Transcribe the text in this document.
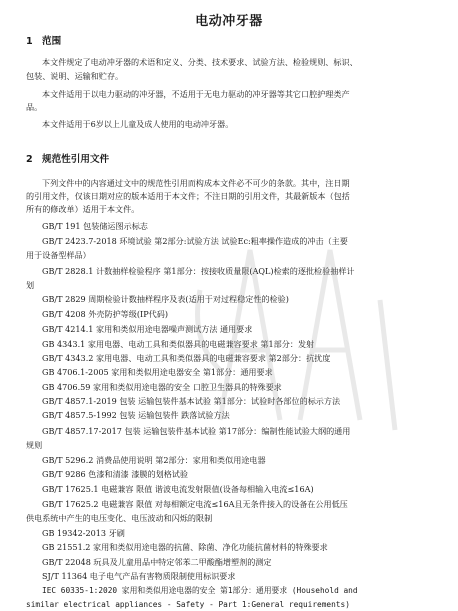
电动冲牙器
1 范围
本文件规定了电动冲牙器的术语和定义、分类、技术要求、试验方法、检验规则、标识、
包装、说明、运输和贮存。
本文件适用于以电力驱动的冲牙器，不适用于无电力驱动的冲牙器等其它口腔护理类产
品。
本文件适用于6岁以上儿童及成人使用的电动冲牙器。
2 规范性引用文件
下列文件中的内容通过文中的规范性引用而构成本文件必不可少的条款。其中，注日期
的引用文件，仅该日期对应的版本适用于本文件；不注日期的引用文件，其最新版本（包括
所有的修改单）适用于本文件。
GB/T 191 包装储运图示标志
GB/T 2423.7-2018 环境试验 第2部分:试验方法 试验Ec:粗率操作造成的冲击（主要
用于设备型样品）
GB/T 2828.1 计数抽样检验程序 第1部分：按接收质量限(AQL)检索的逐批检验抽样计
划
GB/T 2829 周期检验计数抽样程序及表(适用于对过程稳定性的检验)
GB/T 4208 外壳防护等级(IP代码)
GB/T 4214.1 家用和类似用途电器噪声测试方法 通用要求
GB 4343.1 家用电器、电动工具和类似器具的电磁兼容要求 第1部分：发射
GB/T 4343.2 家用电器、电动工具和类似器具的电磁兼容要求 第2部分：抗扰度
GB 4706.1-2005 家用和类似用途电器安全 第1部分：通用要求
GB 4706.59 家用和类似用途电器的安全 口腔卫生器具的特殊要求
GB/T 4857.1-2019 包装 运输包装件基本试验 第1部分：试验时各部位的标示方法
GB/T 4857.5-1992 包装 运输包装件 跌落试验方法
GB/T 4857.17-2017 包装 运输包装件基本试验 第17部分：编制性能试验大纲的通用
规则
GB/T 5296.2 消费品使用说明 第2部分：家用和类似用途电器
GB/T 9286 色漆和清漆 漆膜的划格试验
GB/T 17625.1 电磁兼容 限值 谐波电流发射限值(设备每相输入电流≤16A)
GB/T 17625.2 电磁兼容 限值 对每相额定电流≤16A且无条件接入的设备在公用低压
供电系统中产生的电压变化、电压波动和闪烁的限制
GB 19342-2013 牙刷
GB 21551.2 家用和类似用途电器的抗菌、除菌、净化功能抗菌材料的特殊要求
GB/T 22048 玩具及儿童用品中特定邻苯二甲酸酯增塑剂的测定
SJ/T 11364 电子电气产品有害物质限制使用标识要求
IEC 60335-1:2020 家用和类似用途电器的安全 第1部分：通用要求 (Household and
similar electrical appliances - Safety - Part 1:General requirements)
